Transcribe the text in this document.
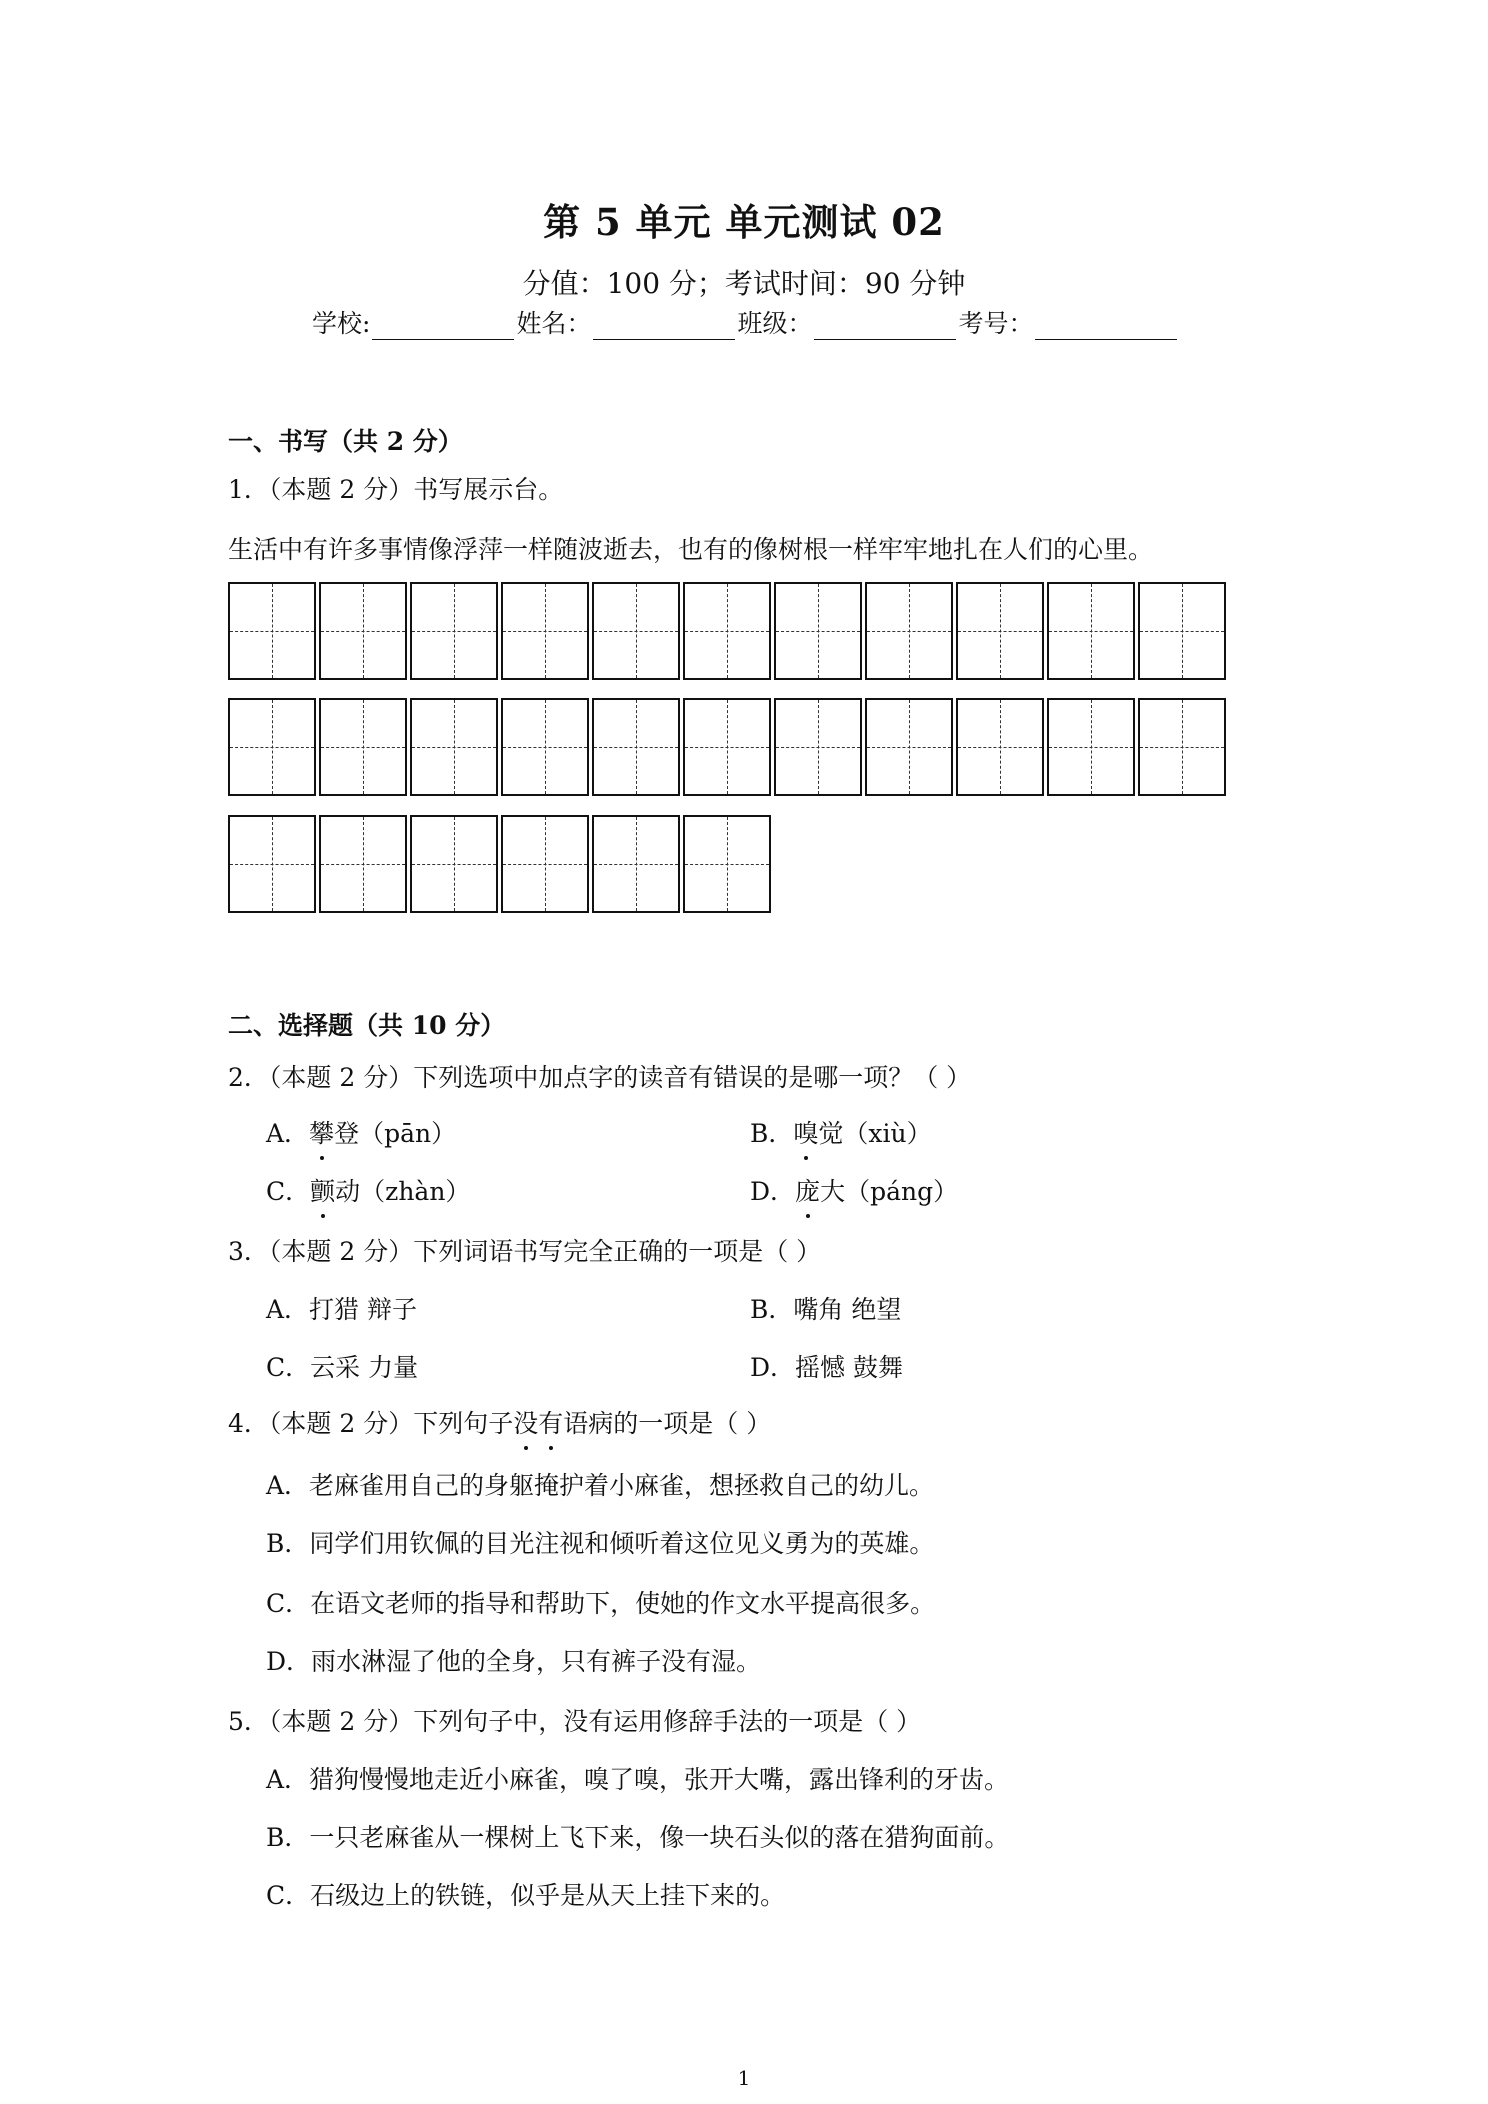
第 5 单元 单元测试 02
分值：100 分；考试时间：90 分钟
学校:	姓名：	班级：	考号：
一、书写（共 2 分）
1．（本题 2 分）书写展示台。
生活中有许多事情像浮萍一样随波逝去，也有的像树根一样牢牢地扎在人们的心里。
二、选择题（共 10 分）
2．（本题 2 分）下列选项中加点字的读音有错误的是哪一项？（ ）
A．攀登（pān）	B．嗅觉（xiù）
C．颤动（zhàn）	D．庞大（páng）
3．（本题 2 分）下列词语书写完全正确的一项是（ ）
A．打猎 辩子	B．嘴角 绝望
C．云采 力量	D．摇憾 鼓舞
4．（本题 2 分）下列句子没有语病的一项是（ ）
A．老麻雀用自己的身躯掩护着小麻雀，想拯救自己的幼儿。
B．同学们用钦佩的目光注视和倾听着这位见义勇为的英雄。
C．在语文老师的指导和帮助下，使她的作文水平提高很多。
D．雨水淋湿了他的全身，只有裤子没有湿。
5．（本题 2 分）下列句子中，没有运用修辞手法的一项是（ ）
A．猎狗慢慢地走近小麻雀，嗅了嗅，张开大嘴，露出锋利的牙齿。
B．一只老麻雀从一棵树上飞下来，像一块石头似的落在猎狗面前。
C．石级边上的铁链，似乎是从天上挂下来的。
1
